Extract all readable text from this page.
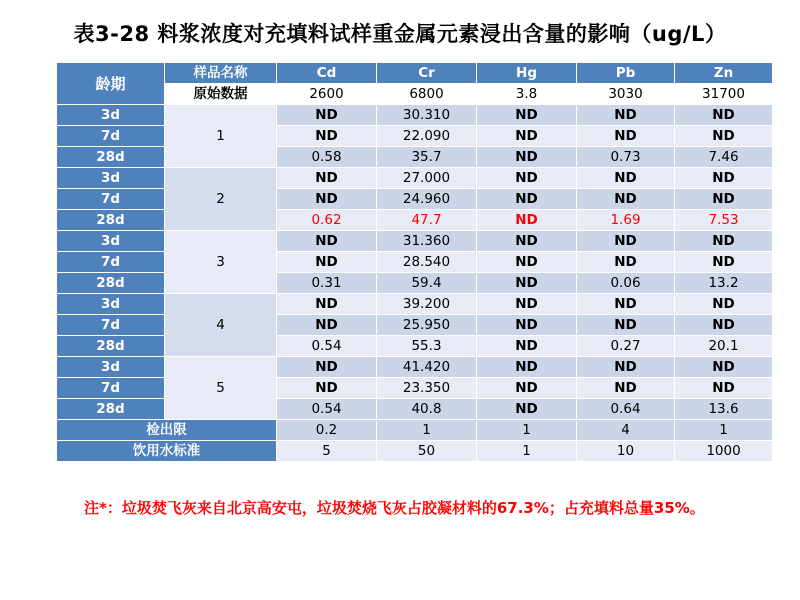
表3-28 料浆浓度对充填料试样重金属元素浸出含量的影响（ug/L）
龄期	样品名称	Cd	Cr	Hg	Pb	Zn
	原始数据	2600	6800	3.8	3030	31700
3d	1	ND	30.310	ND	ND	ND
7d		ND	22.090	ND	ND	ND
28d		0.58	35.7	ND	0.73	7.46
3d	2	ND	27.000	ND	ND	ND
7d		ND	24.960	ND	ND	ND
28d		0.62	47.7	ND	1.69	7.53
3d	3	ND	31.360	ND	ND	ND
7d		ND	28.540	ND	ND	ND
28d		0.31	59.4	ND	0.06	13.2
3d	4	ND	39.200	ND	ND	ND
7d		ND	25.950	ND	ND	ND
28d		0.54	55.3	ND	0.27	20.1
3d	5	ND	41.420	ND	ND	ND
7d		ND	23.350	ND	ND	ND
28d		0.54	40.8	ND	0.64	13.6
检出限		0.2	1	1	4	1
饮用水标准		5	50	1	10	1000
注*：垃圾焚飞灰来自北京高安屯，垃圾焚烧飞灰占胶凝材料的67.3%；占充填料总量35%。
